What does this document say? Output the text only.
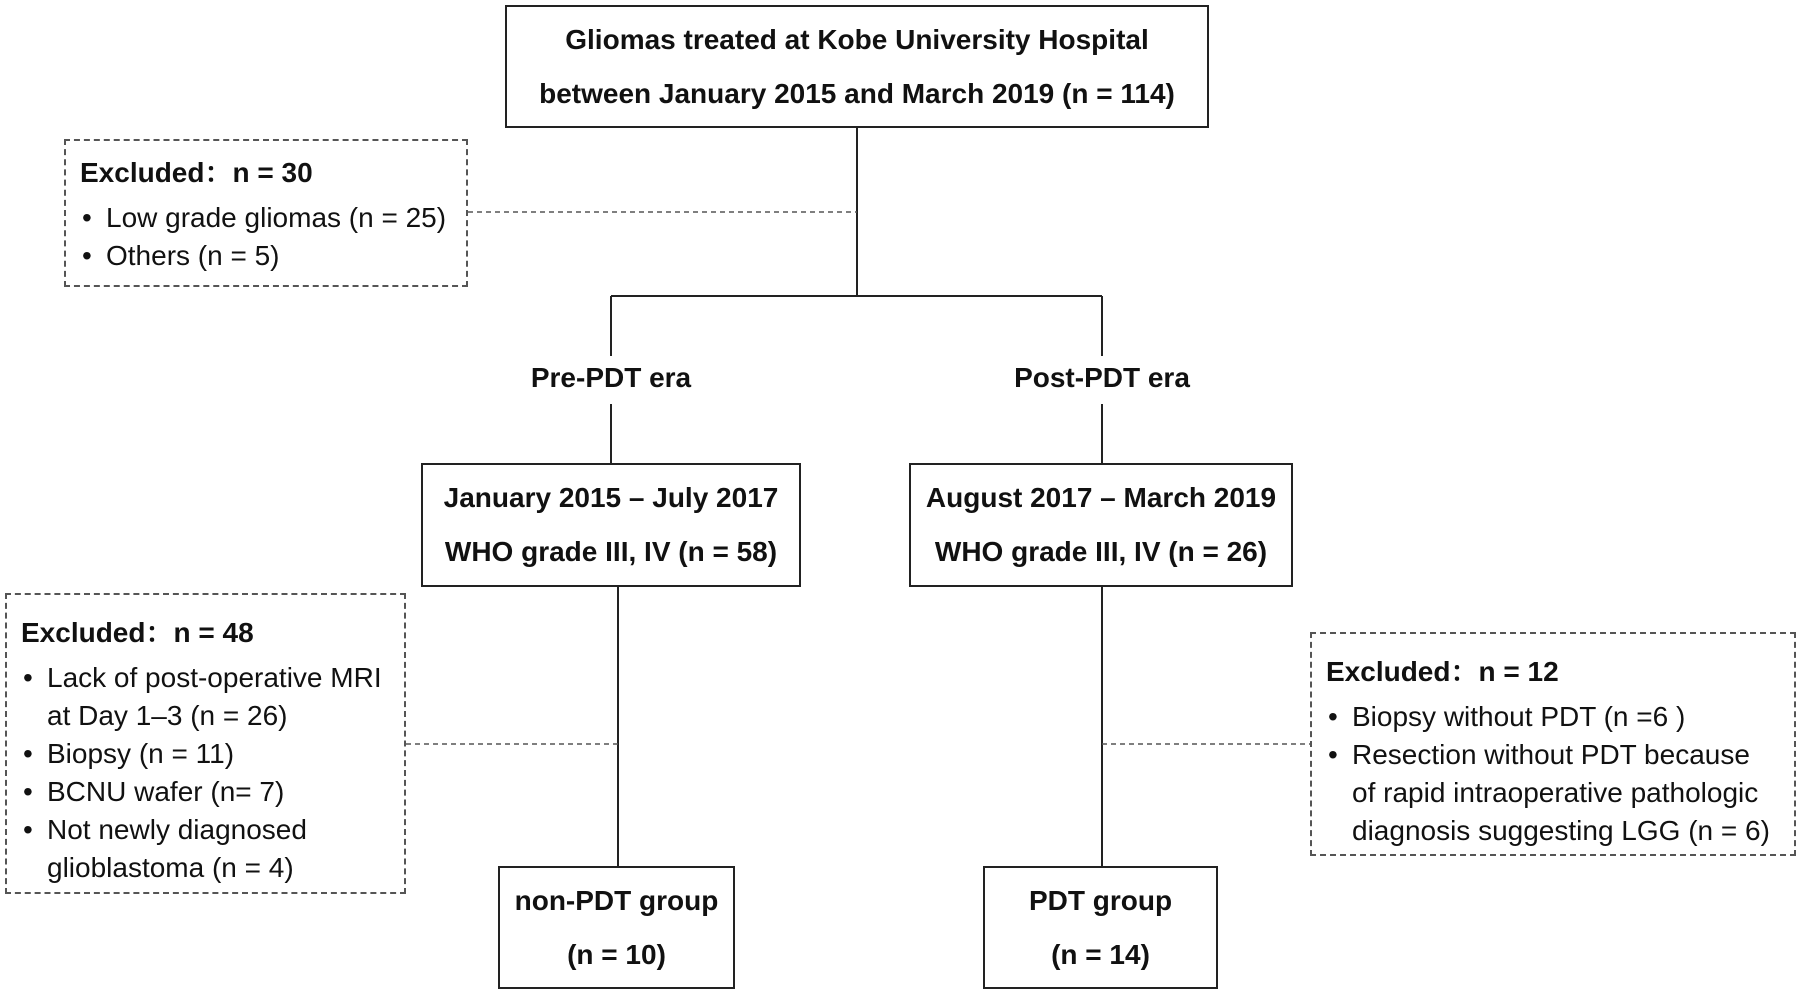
Gliomas treated at Kobe University Hospital
between January 2015 and March 2019 (n = 114)
Excluded：n = 30
• Low grade gliomas (n = 25)
• Others (n = 5)
Pre-PDT era	Post-PDT era
January 2015 – July 2017
WHO grade III, IV (n = 58)
August 2017 – March 2019
WHO grade III, IV (n = 26)
Excluded：n = 48
• Lack of post-operative MRI at Day 1–3 (n = 26)
• Biopsy (n = 11)
• BCNU wafer (n= 7)
• Not newly diagnosed glioblastoma (n = 4)
Excluded：n = 12
• Biopsy without PDT (n =6 )
• Resection without PDT because of rapid intraoperative pathologic diagnosis suggesting LGG (n = 6)
non-PDT group
(n = 10)
PDT group
(n = 14)
